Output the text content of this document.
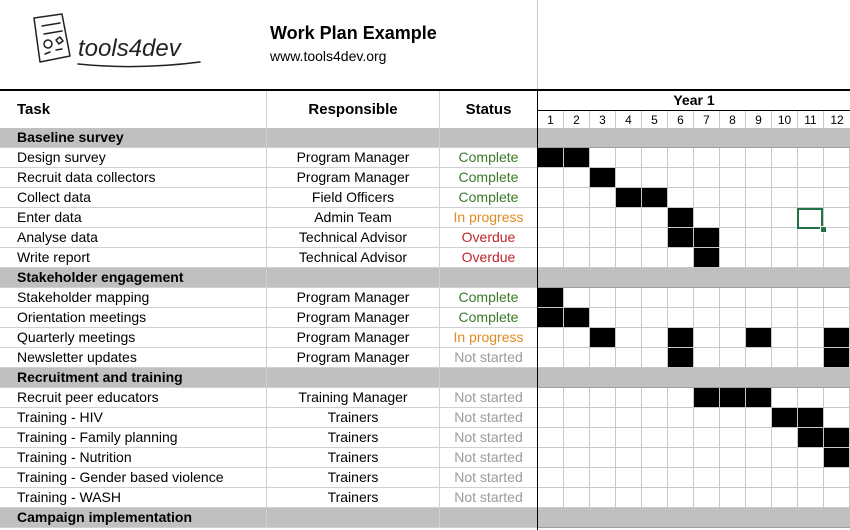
tools4dev
Work Plan Example
www.tools4dev.org
Task	Responsible	Status
Year 1
1	2	3	4	5	6	7	8	9	10	11	12
Baseline survey
Design survey	Program Manager	Complete
Recruit data collectors	Program Manager	Complete
Collect data	Field Officers	Complete
Enter data	Admin Team	In progress
Analyse data	Technical Advisor	Overdue
Write report	Technical Advisor	Overdue
Stakeholder engagement
Stakeholder mapping	Program Manager	Complete
Orientation meetings	Program Manager	Complete
Quarterly meetings	Program Manager	In progress
Newsletter updates	Program Manager	Not started
Recruitment and training
Recruit peer educators	Training Manager	Not started
Training - HIV	Trainers	Not started
Training - Family planning	Trainers	Not started
Training - Nutrition	Trainers	Not started
Training - Gender based violence	Trainers	Not started
Training - WASH	Trainers	Not started
Campaign implementation
